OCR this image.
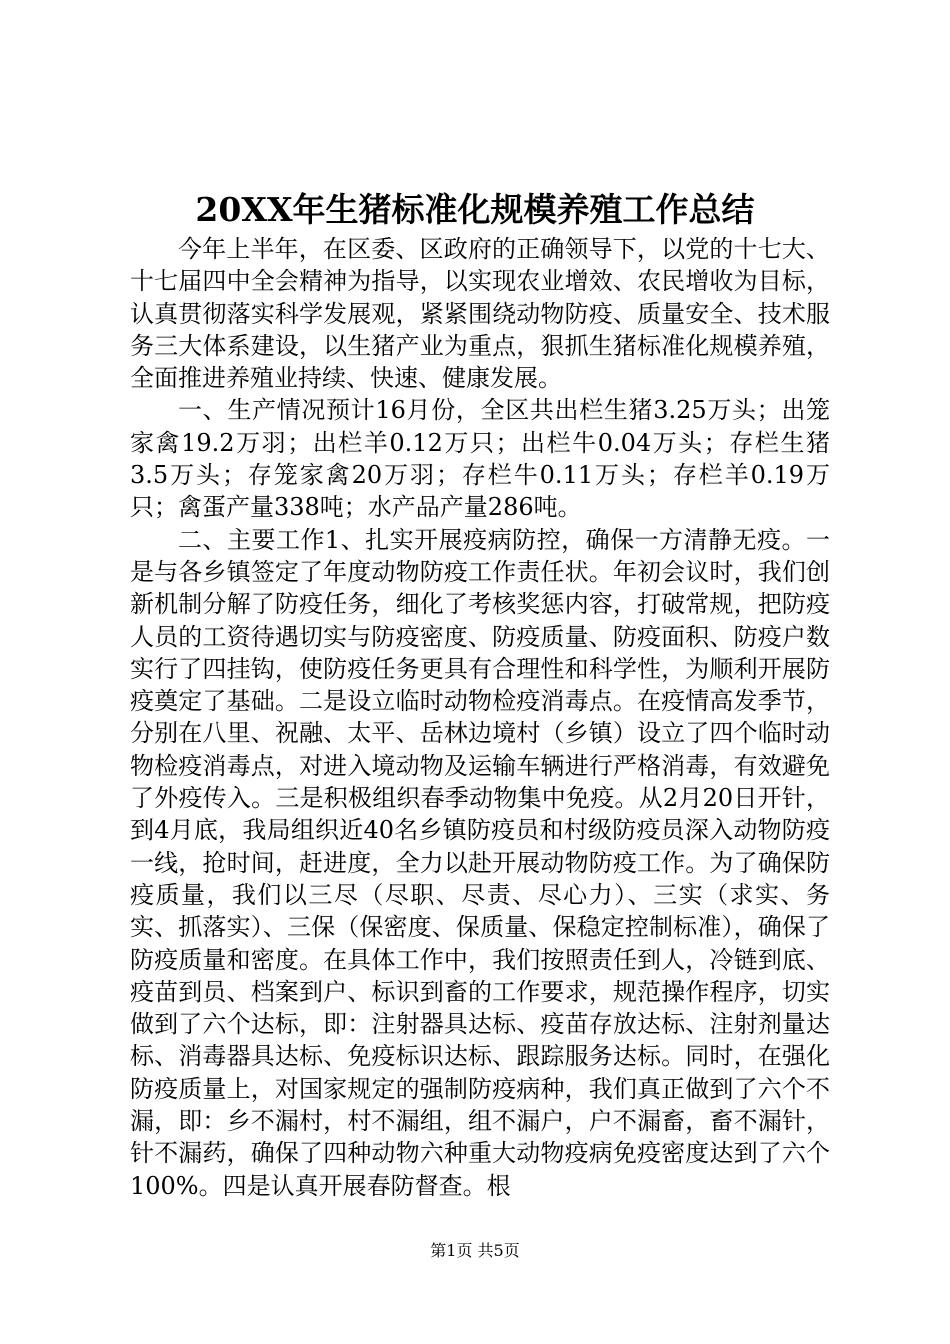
20XX年生猪标准化规模养殖工作总结

今年上半年，在区委、区政府的正确领导下，以党的十七大、十七届四中全会精神为指导，以实现农业增效、农民增收为目标，认真贯彻落实科学发展观，紧紧围绕动物防疫、质量安全、技术服务三大体系建设，以生猪产业为重点，狠抓生猪标准化规模养殖，全面推进养殖业持续、快速、健康发展。

一、生产情况预计16月份，全区共出栏生猪3.25万头；出笼家禽19.2万羽；出栏羊0.12万只；出栏牛0.04万头；存栏生猪3.5万头；存笼家禽20万羽；存栏牛0.11万头；存栏羊0.19万只；禽蛋产量338吨；水产品产量286吨。

二、主要工作1、扎实开展疫病防控，确保一方清静无疫。一是与各乡镇签定了年度动物防疫工作责任状。年初会议时，我们创新机制分解了防疫任务，细化了考核奖惩内容，打破常规，把防疫人员的工资待遇切实与防疫密度、防疫质量、防疫面积、防疫户数实行了四挂钩，使防疫任务更具有合理性和科学性，为顺利开展防疫奠定了基础。二是设立临时动物检疫消毒点。在疫情高发季节，分别在八里、祝融、太平、岳林边境村（乡镇）设立了四个临时动物检疫消毒点，对进入境动物及运输车辆进行严格消毒，有效避免了外疫传入。三是积极组织春季动物集中免疫。从2月20日开针，到4月底，我局组织近40名乡镇防疫员和村级防疫员深入动物防疫一线，抢时间，赶进度，全力以赴开展动物防疫工作。为了确保防疫质量，我们以三尽（尽职、尽责、尽心力）、三实（求实、务实、抓落实）、三保（保密度、保质量、保稳定控制标准），确保了防疫质量和密度。在具体工作中，我们按照责任到人，冷链到底、疫苗到员、档案到户、标识到畜的工作要求，规范操作程序，切实做到了六个达标，即：注射器具达标、疫苗存放达标、注射剂量达标、消毒器具达标、免疫标识达标、跟踪服务达标。同时，在强化防疫质量上，对国家规定的强制防疫病种，我们真正做到了六个不漏，即：乡不漏村，村不漏组，组不漏户，户不漏畜，畜不漏针，针不漏药，确保了四种动物六种重大动物疫病免疫密度达到了六个100%。四是认真开展春防督查。根

第1页 共5页
